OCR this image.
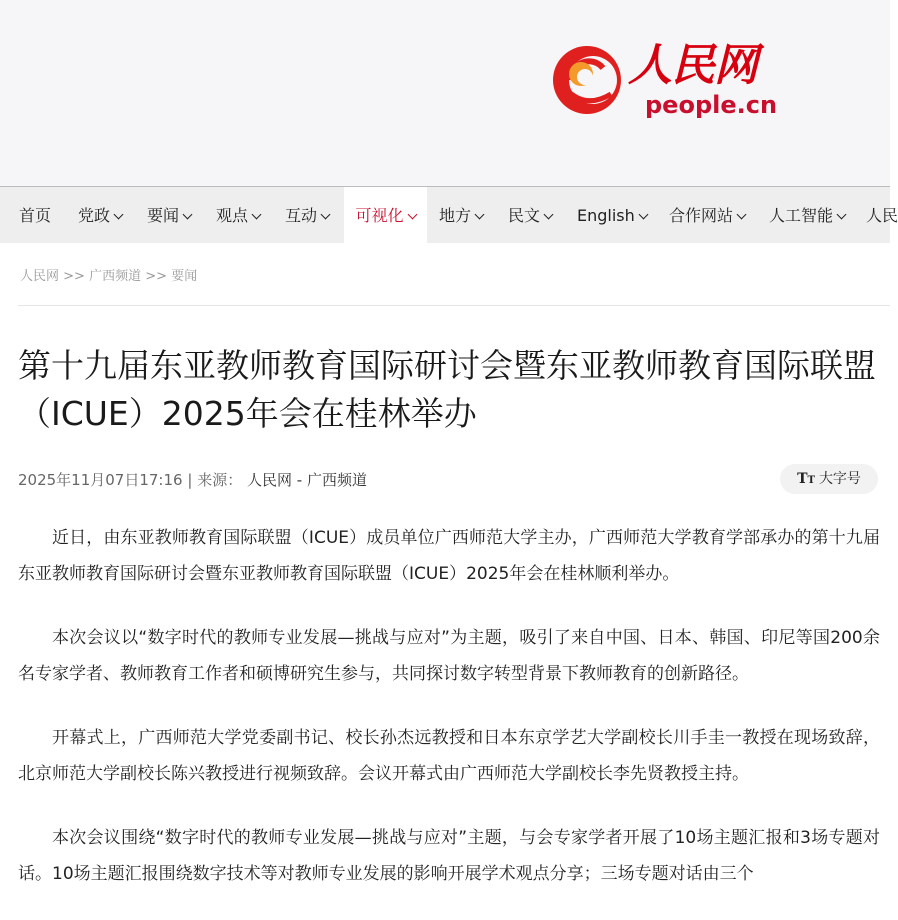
人民网
people.cn
首页 党政	要闻	观点	互动	可视化	地方	民文	English	合作网站	人工智能	人民
人民网 >> 广西频道 >> 要闻
第十九届东亚教师教育国际研讨会暨东亚教师教育国际联盟（ICUE）2025年会在桂林举办
2025年11月07日17:16 | 来源： 人民网 - 广西频道	TT 大字号

近日，由东亚教师教育国际联盟（ICUE）成员单位广西师范大学主办，广西师范大学教育学部承办的第十九届东亚教师教育国际研讨会暨东亚教师教育国际联盟（ICUE）2025年会在桂林顺利举办。

本次会议以“数字时代的教师专业发展—挑战与应对”为主题，吸引了来自中国、日本、韩国、印尼等国200余名专家学者、教师教育工作者和硕博研究生参与，共同探讨数字转型背景下教师教育的创新路径。

开幕式上，广西师范大学党委副书记、校长孙杰远教授和日本东京学艺大学副校长川手圭一教授在现场致辞，北京师范大学副校长陈兴教授进行视频致辞。会议开幕式由广西师范大学副校长李先贤教授主持。

本次会议围绕“数字时代的教师专业发展—挑战与应对”主题，与会专家学者开展了10场主题汇报和3场专题对话。10场主题汇报围绕数字技术等对教师专业发展的影响开展学术观点分享；三场专题对话由三个
